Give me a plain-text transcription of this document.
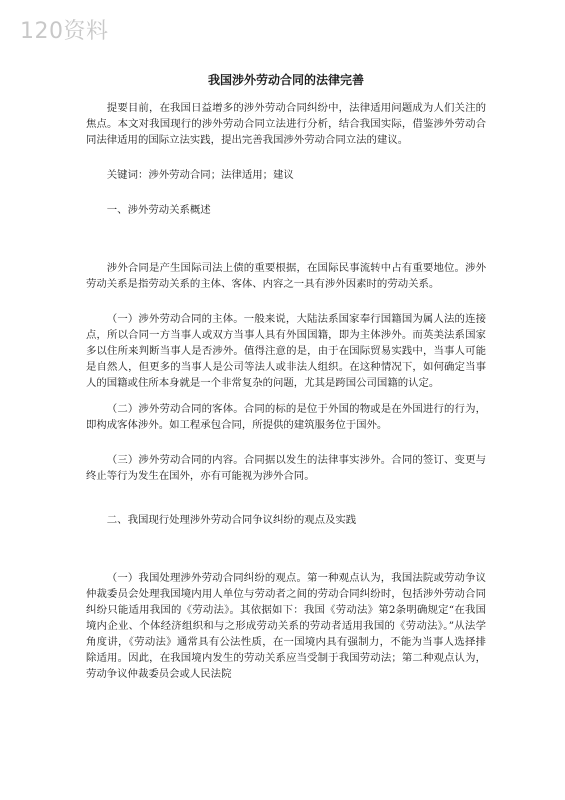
120资料
我国涉外劳动合同的法律完善

提要目前，在我国日益增多的涉外劳动合同纠纷中，法律适用问题成为人们关注的焦点。本文对我国现行的涉外劳动合同立法进行分析，结合我国实际，借鉴涉外劳动合同法律适用的国际立法实践，提出完善我国涉外劳动合同立法的建议。

关键词：涉外劳动合同；法律适用；建议

一、涉外劳动关系概述

涉外合同是产生国际司法上债的重要根据，在国际民事流转中占有重要地位。涉外劳动关系是指劳动关系的主体、客体、内容之一具有涉外因素时的劳动关系。

（一）涉外劳动合同的主体。一般来说，大陆法系国家奉行国籍国为属人法的连接点，所以合同一方当事人或双方当事人具有外国国籍，即为主体涉外。而英美法系国家多以住所来判断当事人是否涉外。值得注意的是，由于在国际贸易实践中，当事人可能是自然人，但更多的当事人是公司等法人或非法人组织。在这种情况下，如何确定当事人的国籍或住所本身就是一个非常复杂的问题，尤其是跨国公司国籍的认定。

（二）涉外劳动合同的客体。合同的标的是位于外国的物或是在外国进行的行为，即构成客体涉外。如工程承包合同，所提供的建筑服务位于国外。

（三）涉外劳动合同的内容。合同据以发生的法律事实涉外。合同的签订、变更与终止等行为发生在国外，亦有可能视为涉外合同。

二、我国现行处理涉外劳动合同争议纠纷的观点及实践

（一）我国处理涉外劳动合同纠纷的观点。第一种观点认为，我国法院或劳动争议仲裁委员会处理我国境内用人单位与劳动者之间的劳动合同纠纷时，包括涉外劳动合同纠纷只能适用我国的《劳动法》。其依据如下：我国《劳动法》第2条明确规定“在我国境内企业、个体经济组织和与之形成劳动关系的劳动者适用我国的《劳动法》。”从法学角度讲，《劳动法》通常具有公法性质，在一国境内具有强制力，不能为当事人选择排除适用。因此，在我国境内发生的劳动关系应当受制于我国劳动法；第二种观点认为，劳动争议仲裁委员会或人民法院
